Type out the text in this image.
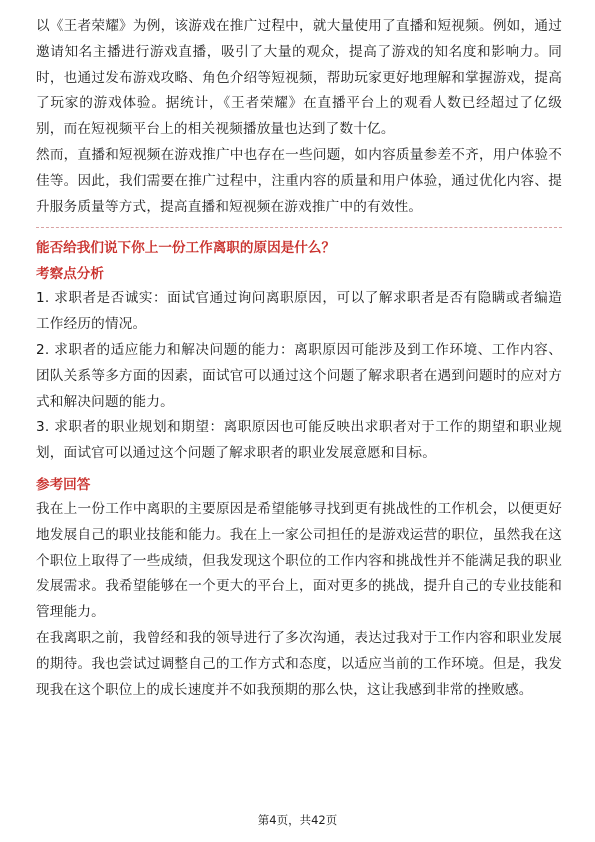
以《王者荣耀》为例，该游戏在推广过程中，就大量使用了直播和短视频。例如，通过邀请知名主播进行游戏直播，吸引了大量的观众，提高了游戏的知名度和影响力。同时，也通过发布游戏攻略、角色介绍等短视频，帮助玩家更好地理解和掌握游戏，提高了玩家的游戏体验。据统计，《王者荣耀》在直播平台上的观看人数已经超过了亿级别，而在短视频平台上的相关视频播放量也达到了数十亿。

然而，直播和短视频在游戏推广中也存在一些问题，如内容质量参差不齐，用户体验不佳等。因此，我们需要在推广过程中，注重内容的质量和用户体验，通过优化内容、提升服务质量等方式，提高直播和短视频在游戏推广中的有效性。

能否给我们说下你上一份工作离职的原因是什么？

考察点分析

1. 求职者是否诚实：面试官通过询问离职原因，可以了解求职者是否有隐瞒或者编造工作经历的情况。

2. 求职者的适应能力和解决问题的能力：离职原因可能涉及到工作环境、工作内容、团队关系等多方面的因素，面试官可以通过这个问题了解求职者在遇到问题时的应对方式和解决问题的能力。

3. 求职者的职业规划和期望：离职原因也可能反映出求职者对于工作的期望和职业规划，面试官可以通过这个问题了解求职者的职业发展意愿和目标。

参考回答

我在上一份工作中离职的主要原因是希望能够寻找到更有挑战性的工作机会，以便更好地发展自己的职业技能和能力。我在上一家公司担任的是游戏运营的职位，虽然我在这个职位上取得了一些成绩，但我发现这个职位的工作内容和挑战性并不能满足我的职业发展需求。我希望能够在一个更大的平台上，面对更多的挑战，提升自己的专业技能和管理能力。

在我离职之前，我曾经和我的领导进行了多次沟通，表达过我对于工作内容和职业发展的期待。我也尝试过调整自己的工作方式和态度，以适应当前的工作环境。但是，我发现我在这个职位上的成长速度并不如我预期的那么快，这让我感到非常的挫败感。

第4页，共42页
